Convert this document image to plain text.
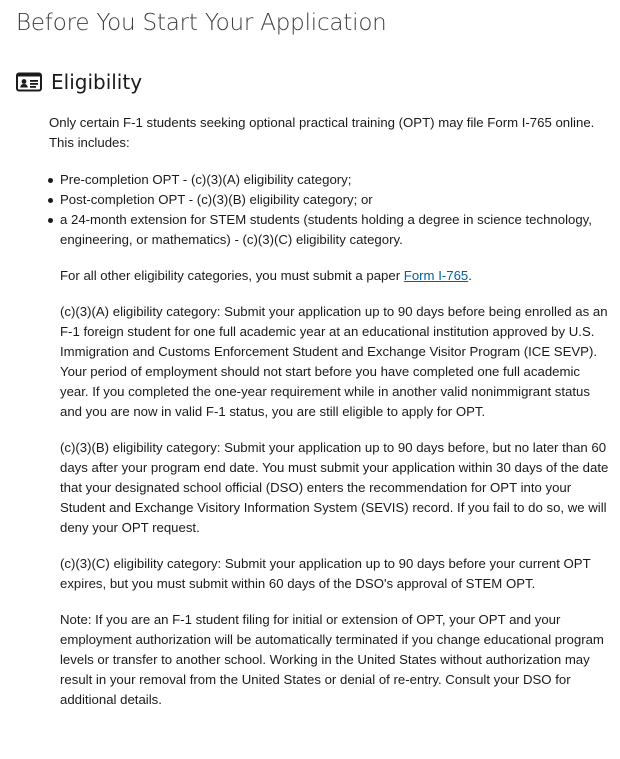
Before You Start Your Application
Eligibility

Only certain F-1 students seeking optional practical training (OPT) may file Form I-765 online. This includes:

Pre-completion OPT - (c)(3)(A) eligibility category;
Post-completion OPT - (c)(3)(B) eligibility category; or
a 24-month extension for STEM students (students holding a degree in science technology, engineering, or mathematics) - (c)(3)(C) eligibility category.

For all other eligibility categories, you must submit a paper Form I-765.

(c)(3)(A) eligibility category: Submit your application up to 90 days before being enrolled as an F-1 foreign student for one full academic year at an educational institution approved by U.S. Immigration and Customs Enforcement Student and Exchange Visitor Program (ICE SEVP). Your period of employment should not start before you have completed one full academic year. If you completed the one-year requirement while in another valid nonimmigrant status and you are now in valid F-1 status, you are still eligible to apply for OPT.

(c)(3)(B) eligibility category: Submit your application up to 90 days before, but no later than 60 days after your program end date. You must submit your application within 30 days of the date that your designated school official (DSO) enters the recommendation for OPT into your Student and Exchange Visitory Information System (SEVIS) record. If you fail to do so, we will deny your OPT request.

(c)(3)(C) eligibility category: Submit your application up to 90 days before your current OPT expires, but you must submit within 60 days of the DSO's approval of STEM OPT.

Note: If you are an F-1 student filing for initial or extension of OPT, your OPT and your employment authorization will be automatically terminated if you change educational program levels or transfer to another school. Working in the United States without authorization may result in your removal from the United States or denial of re-entry. Consult your DSO for additional details.
